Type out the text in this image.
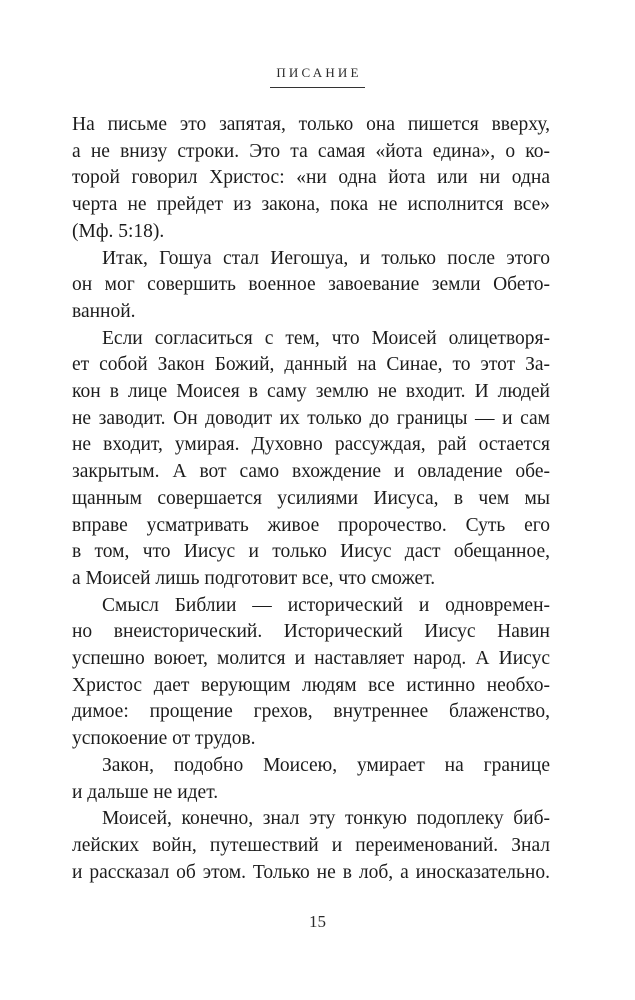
ПИСАНИЕ
На письме это запятая, только она пишется вверху,
а не внизу строки. Это та самая «йота едина», о ко-
торой говорил Христос: «ни одна йота или ни одна
черта не прейдет из закона, пока не исполнится все»
(Мф. 5:18).
Итак, Гошуа стал Иегошуа, и только после этого
он мог совершить военное завоевание земли Обето-
ванной.
Если согласиться с тем, что Моисей олицетворя-
ет собой Закон Божий, данный на Синае, то этот За-
кон в лице Моисея в саму землю не входит. И людей
не заводит. Он доводит их только до границы — и сам
не входит, умирая. Духовно рассуждая, рай остается
закрытым. А вот само вхождение и овладение обе-
щанным совершается усилиями Иисуса, в чем мы
вправе усматривать живое пророчество. Суть его
в том, что Иисус и только Иисус даст обещанное,
а Моисей лишь подготовит все, что сможет.
Смысл Библии — исторический и одновремен-
но внеисторический. Исторический Иисус Навин
успешно воюет, молится и наставляет народ. А Иисус
Христос дает верующим людям все истинно необхо-
димое: прощение грехов, внутреннее блаженство,
успокоение от трудов.
Закон, подобно Моисею, умирает на границе
и дальше не идет.
Моисей, конечно, знал эту тонкую подоплеку биб-
лейских войн, путешествий и переименований. Знал
и рассказал об этом. Только не в лоб, а иносказательно.
15
